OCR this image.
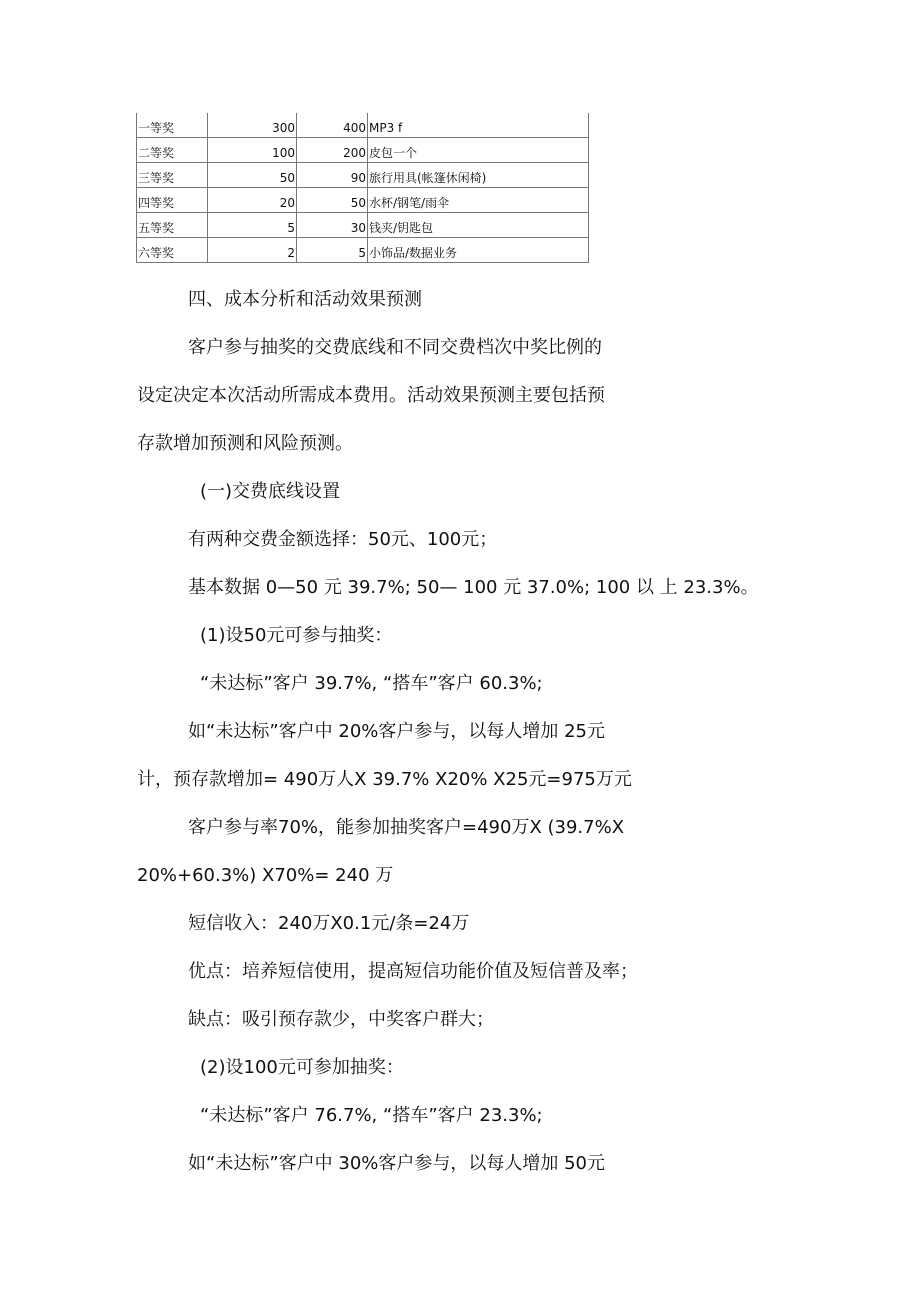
一等奖	300	400	MP3 f
二等奖	100	200	皮包一个
三等奖	50	90	旅行用具(帐篷休闲椅)
四等奖	20	50	水杯/钢笔/雨伞
五等奖	5	30	钱夹/钥匙包
六等奖	2	5	小饰品/数据业务

四、成本分析和活动效果预测

客户参与抽奖的交费底线和不同交费档次中奖比例的

设定决定本次活动所需成本费用。活动效果预测主要包括预

存款增加预测和风险预测。

(一)交费底线设置

有两种交费金额选择：50元、100元；

基本数据 0—50 元 39.7%; 50— 100 元 37.0%; 100 以 上 23.3%。

(1)设50元可参与抽奖：

“未达标”客户 39.7%, “搭车”客户 60.3%;

如“未达标”客户中 20%客户参与，以每人增加 25元

计，预存款增加= 490万人X 39.7% X20% X25元=975万元

客户参与率70%，能参加抽奖客户=490万X (39.7%X

20%+60.3%) X70%= 240 万

短信收入：240万X0.1元/条=24万

优点：培养短信使用，提高短信功能价值及短信普及率；

缺点：吸引预存款少，中奖客户群大；

(2)设100元可参加抽奖：

“未达标”客户 76.7%, “搭车”客户 23.3%;

如“未达标”客户中 30%客户参与，以每人增加 50元
